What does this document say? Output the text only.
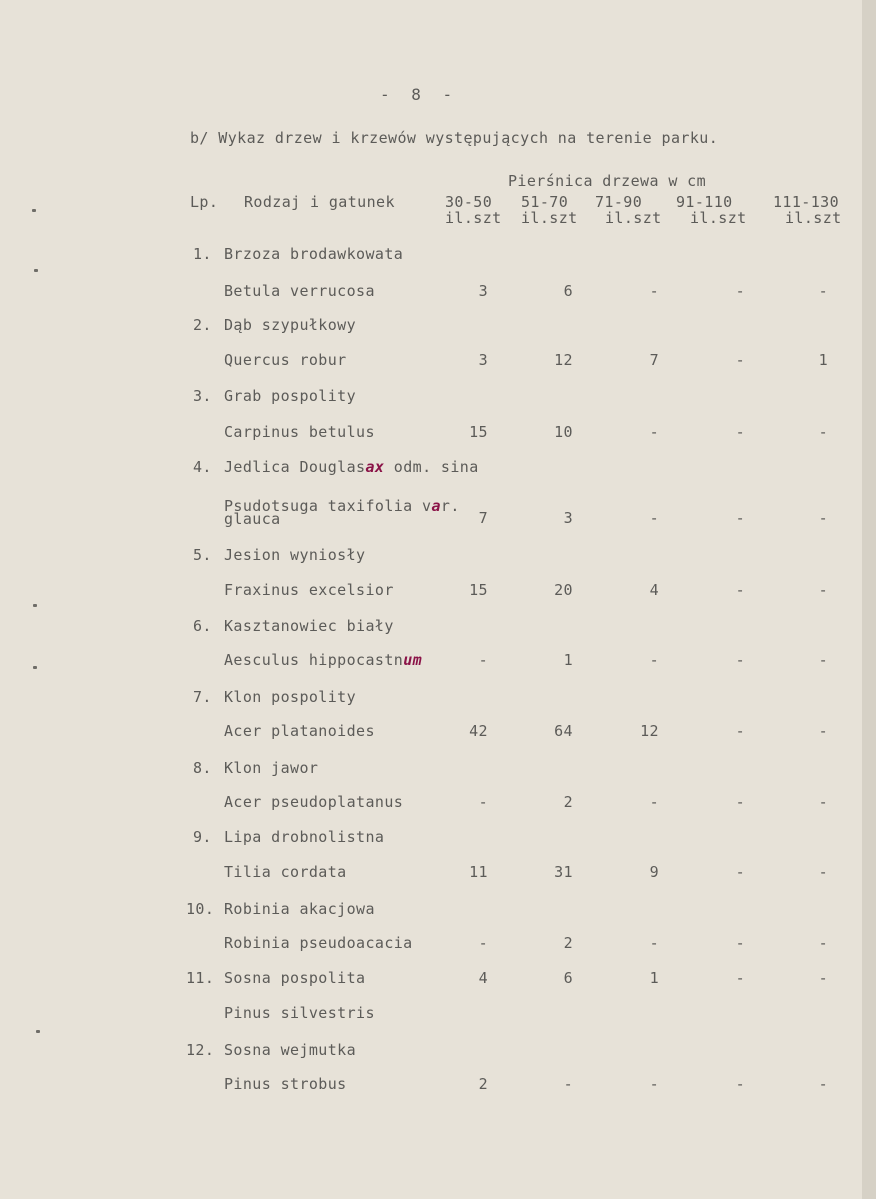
- 8 -
b/ Wykaz drzew i krzewów występujących na terenie parku.
Pierśnica drzewa w cm
Lp. Rodzaj i gatunek	30-50 51-70 71-90 91-110	111-130
il.szt il.szt il.szt il.szt	il.szt
1. Brzoza brodawkowata
Betula verrucosa	3	6	-	-	-
2. Dąb szypułkowy
Quercus robur	3	12	7	-	1
3. Grab pospolity
Carpinus betulus	15	10	-	-	-
4. Jedlica Douglasax odm. sina
Psudotsuga taxifolia var.
glauca	7	3	-	-	-
5. Jesion wyniosły
Fraxinus excelsior	15	20	4	-	-
6. Kasztanowiec biały
Aesculus hippocastnum	-	1	-	-	-
7. Klon pospolity
Acer platanoides	42	64	12	-	-
8. Klon jawor
Acer pseudoplatanus	-	2	-	-	-
9. Lipa drobnolistna
Tilia cordata	11	31	9	-	-
10. Robinia akacjowa
Robinia pseudoacacia	-	2	-	-	-
11. Sosna pospolita
Pinus silvestris
4	6	1	-	-
12. Sosna wejmutka
Pinus strobus	2	-	-	-	-
